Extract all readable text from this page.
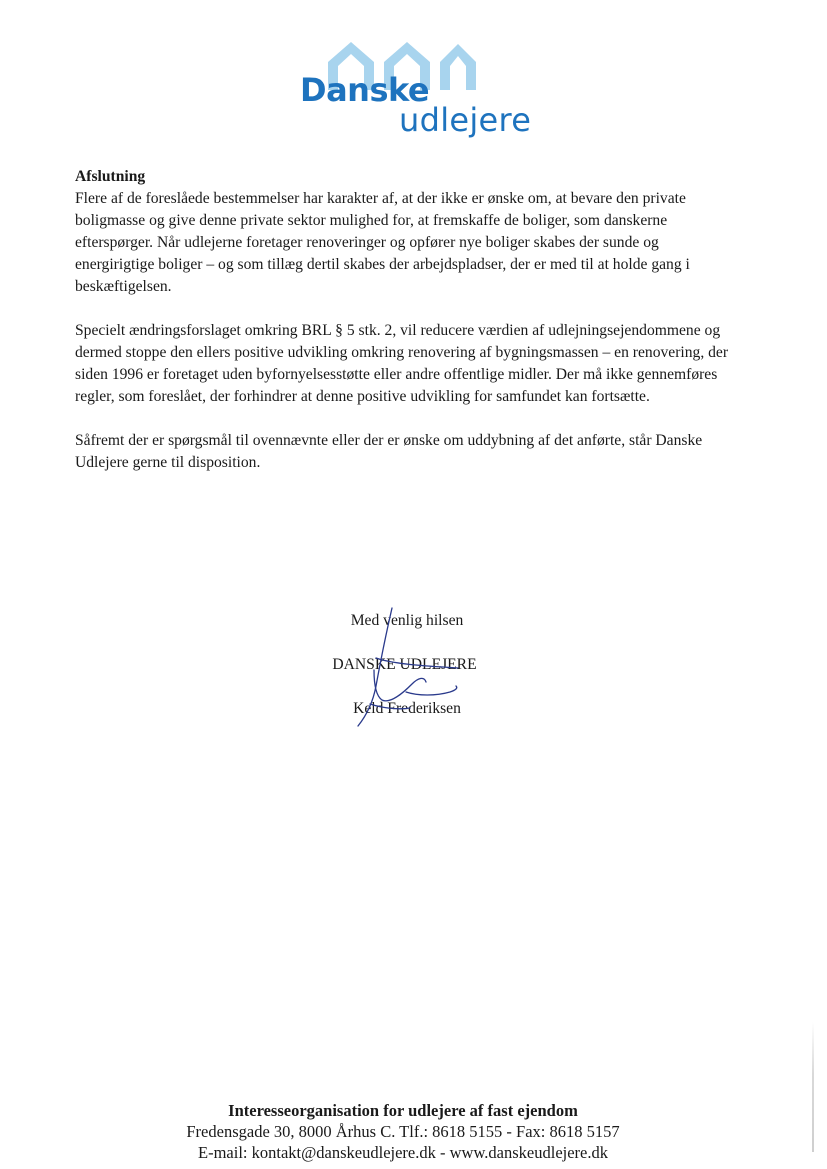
Danske
udlejere
Afslutning

Flere af de foreslåede bestemmelser har karakter af, at der ikke er ønske om, at bevare den private boligmasse og give denne private sektor mulighed for, at fremskaffe de boliger, som danskerne efterspørger. Når udlejerne foretager renoveringer og opfører nye boliger skabes der sunde og energirigtige boliger – og som tillæg dertil skabes der arbejdspladser, der er med til at holde gang i beskæftigelsen.

Specielt ændringsforslaget omkring BRL § 5 stk. 2, vil reducere værdien af udlejningsejendommene og dermed stoppe den ellers positive udvikling omkring renovering af bygningsmassen – en renovering, der siden 1996 er foretaget uden byfornyelsesstøtte eller andre offentlige midler. Der må ikke gennemføres regler, som foreslået, der forhindrer at denne positive udvikling for samfundet kan fortsætte.

Såfremt der er spørgsmål til ovennævnte eller der er ønske om uddybning af det anførte, står Danske Udlejere gerne til disposition.

Med venlig hilsen
DANSKE UDLEJERE
Keld Frederiksen
Interesseorganisation for udlejere af fast ejendom
Fredensgade 30, 8000 Århus C. Tlf.: 8618 5155 - Fax: 8618 5157
E-mail: kontakt@danskeudlejere.dk - www.danskeudlejere.dk
